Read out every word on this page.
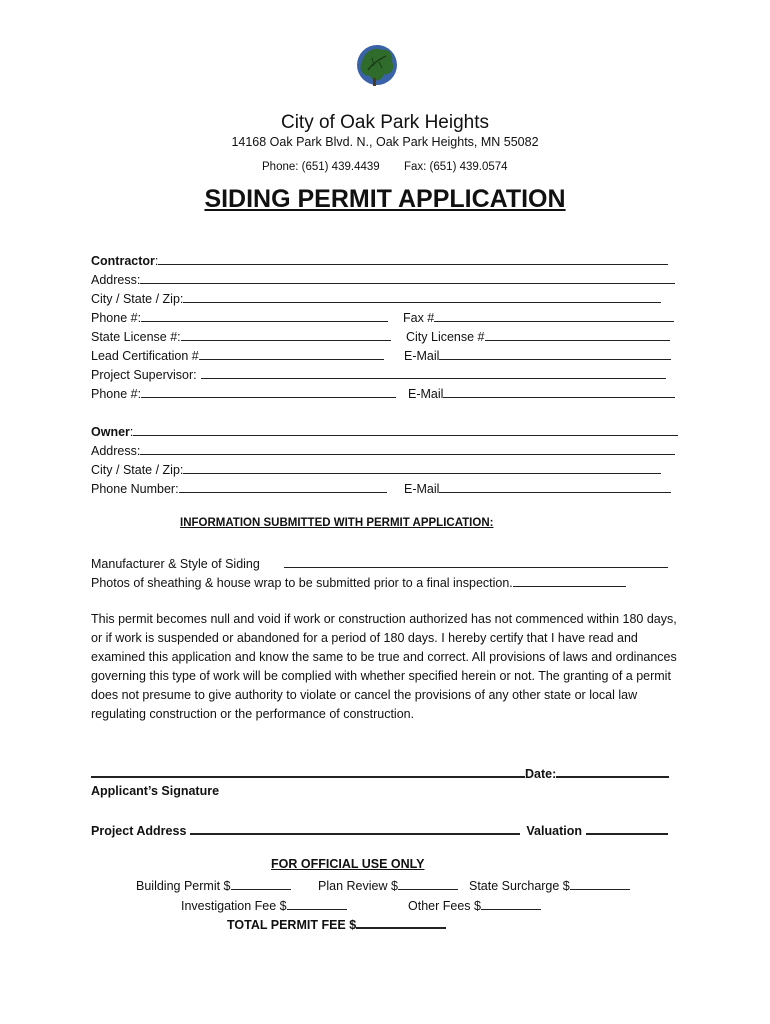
City of Oak Park Heights
14168 Oak Park Blvd. N., Oak Park Heights, MN 55082
Phone: (651) 439.4439 Fax: (651) 439.0574
SIDING PERMIT APPLICATION
Contractor:
Address:
City / State / Zip:
Phone #:	Fax #
State License #:	City License #
Lead Certification #	E-Mail
Project Supervisor:
Phone #:	E-Mail
Owner:
Address:
City / State / Zip:
Phone Number:	E-Mail
INFORMATION SUBMITTED WITH PERMIT APPLICATION:
Manufacturer & Style of Siding
Photos of sheathing & house wrap to be submitted prior to a final inspection.
This permit becomes null and void if work or construction authorized has not commenced within 180 days, or if work is suspended or abandoned for a period of 180 days. I hereby certify that I have read and examined this application and know the same to be true and correct. All provisions of laws and ordinances governing this type of work will be complied with whether specified herein or not. The granting of a permit does not presume to give authority to violate or cancel the provisions of any other state or local law regulating construction or the performance of construction.
Date:
Applicant’s Signature
Project Address	Valuation
FOR OFFICIAL USE ONLY
Building Permit $	Plan Review $	State Surcharge $
Investigation Fee $	Other Fees $
TOTAL PERMIT FEE $
